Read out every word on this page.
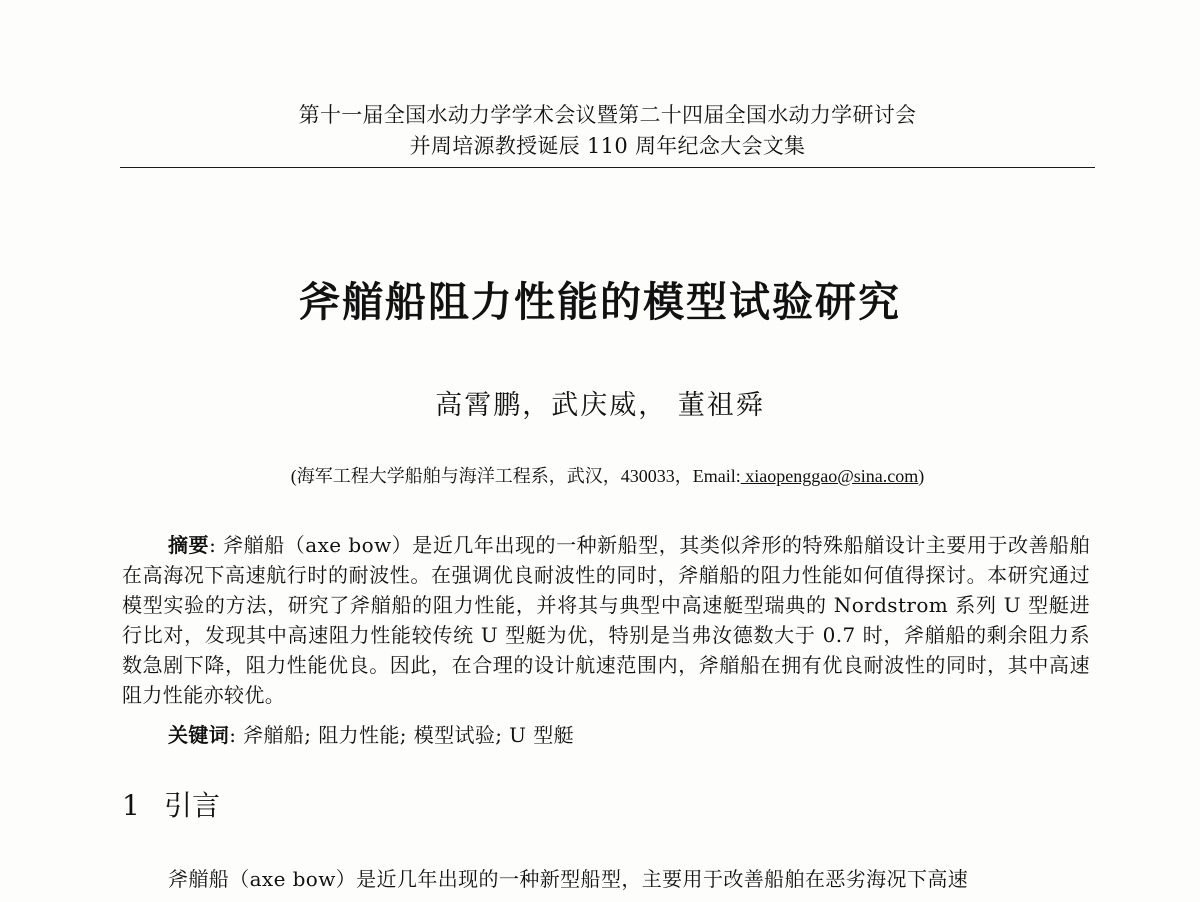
第十一届全国水动力学学术会议暨第二十四届全国水动力学研讨会
并周培源教授诞辰 110 周年纪念大会文集
斧艏船阻力性能的模型试验研究
高霄鹏，武庆威， 董祖舜
(海军工程大学船舶与海洋工程系，武汉，430033，Email: xiaopenggao@sina.com)
摘要: 斧艏船（axe bow）是近几年出现的一种新船型，其类似斧形的特殊船艏设计主要用于改善船舶在高海况下高速航行时的耐波性。在强调优良耐波性的同时，斧艏船的阻力性能如何值得探讨。本研究通过模型实验的方法，研究了斧艏船的阻力性能，并将其与典型中高速艇型瑞典的 Nordstrom 系列 U 型艇进行比对，发现其中高速阻力性能较传统 U 型艇为优，特别是当弗汝德数大于 0.7 时，斧艏船的剩余阻力系数急剧下降，阻力性能优良。因此，在合理的设计航速范围内，斧艏船在拥有优良耐波性的同时，其中高速阻力性能亦较优。
关键词: 斧艏船; 阻力性能; 模型试验; U 型艇
1 引言
斧艏船（axe bow）是近几年出现的一种新型船型，主要用于改善船舶在恶劣海况下高速
